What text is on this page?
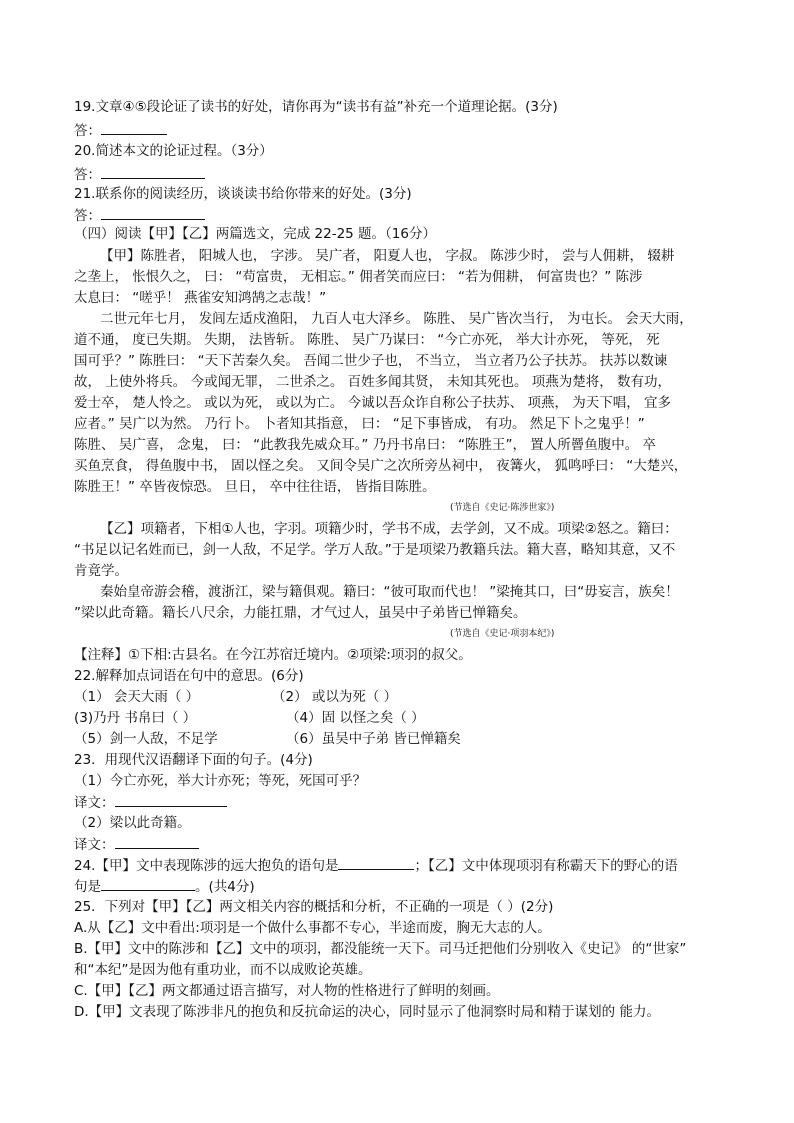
19.文章④⑤段论证了读书的好处，请你再为“读书有益”补充一个道理论据。(3分)
答：
20.简述本文的论证过程。（3分）
答：
21.联系你的阅读经历，谈谈读书给你带来的好处。(3分)
答：
（四）阅读【甲】【乙】两篇选文，完成 22-25 题。（16分）
【甲】陈胜者， 阳城人也， 字涉。 吴广者， 阳夏人也， 字叔。 陈涉少时， 尝与人佣耕， 辍耕
之垄上， 怅恨久之， 曰： “苟富贵， 无相忘。” 佣者笑而应曰： “若为佣耕， 何富贵也？” 陈涉
太息曰： “嗟乎！ 燕雀安知鸿鹄之志哉！”
二世元年七月， 发闾左适戍渔阳， 九百人屯大泽乡。 陈胜、 吴广皆次当行， 为屯长。 会天大雨，
道不通， 度已失期。 失期， 法皆斩。 陈胜、 吴广乃谋曰： “今亡亦死， 举大计亦死， 等死， 死
国可乎？” 陈胜曰： “天下苦秦久矣。 吾闻二世少子也， 不当立， 当立者乃公子扶苏。 扶苏以数谏
故， 上使外将兵。 今或闻无罪， 二世杀之。 百姓多闻其贤， 未知其死也。 项燕为楚将， 数有功，
爱士卒， 楚人怜之。 或以为死， 或以为亡。 今诚以吾众诈自称公子扶苏、 项燕， 为天下唱， 宜多
应者。” 吴广以为然。 乃行卜。 卜者知其指意， 曰： “足下事皆成， 有功。 然足下卜之鬼乎！”
陈胜、 吴广喜， 念鬼， 曰： “此教我先威众耳。” 乃丹书帛曰： “陈胜王”， 置人所罾鱼腹中。 卒
买鱼烹食， 得鱼腹中书， 固以怪之矣。 又间令吴广之次所旁丛祠中， 夜篝火， 狐鸣呼曰： “大楚兴，
陈胜王！” 卒皆夜惊恐。 旦日， 卒中往往语， 皆指目陈胜。
(节选自《史记·陈涉世家》)
【乙】项籍者，下相①人也，字羽。项籍少时，学书不成，去学剑，又不成。项梁②怒之。籍曰：
“书足以记名姓而已，剑一人敌，不足学。学万人敌。”于是项梁乃教籍兵法。籍大喜，略知其意，又不
肯竟学。
秦始皇帝游会稽，渡浙江，梁与籍俱观。籍曰：“彼可取而代也！ ”梁掩其口，曰“毋妄言，族矣！
”梁以此奇籍。籍长八尺余，力能扛鼎，才气过人，虽吴中子弟皆已惮籍矣。
(节选自《史记·项羽本纪》)
【注释】①下相:古县名。在今江苏宿迁境内。②项梁:项羽的叔父。
22.解释加点词语在句中的意思。(6分)
（1） 会天大雨（ ）	（2） 或以为死（ ）
(3)乃丹 书帛曰（ ）	（4）固 以怪之矣（ ）
（5）剑一人敌，不足学	（6）虽吴中子弟 皆已惮籍矣
23．用现代汉语翻译下面的句子。(4分)
（1）今亡亦死，举大计亦死；等死，死国可乎？
译文：
（2）梁以此奇籍。
译文：
24.【甲】文中表现陈涉的远大抱负的语句是	；【乙】文中体现项羽有称霸天下的野心的语
句是	。(共4分)
25．下列对【甲】【乙】两文相关内容的概括和分析，不正确的一项是（ ）(2分)
A.从【乙】文中看出:项羽是一个做什么事都不专心，半途而废，胸无大志的人。
B.【甲】文中的陈涉和【乙】文中的项羽，都没能统一天下。司马迁把他们分别收入《史记》 的“世家”
和“本纪”是因为他有重功业，而不以成败论英雄。
C.【甲】【乙】两文都通过语言描写，对人物的性格进行了鲜明的刻画。
D.【甲】文表现了陈涉非凡的抱负和反抗命运的决心，同时显示了他洞察时局和精于谋划的 能力。
